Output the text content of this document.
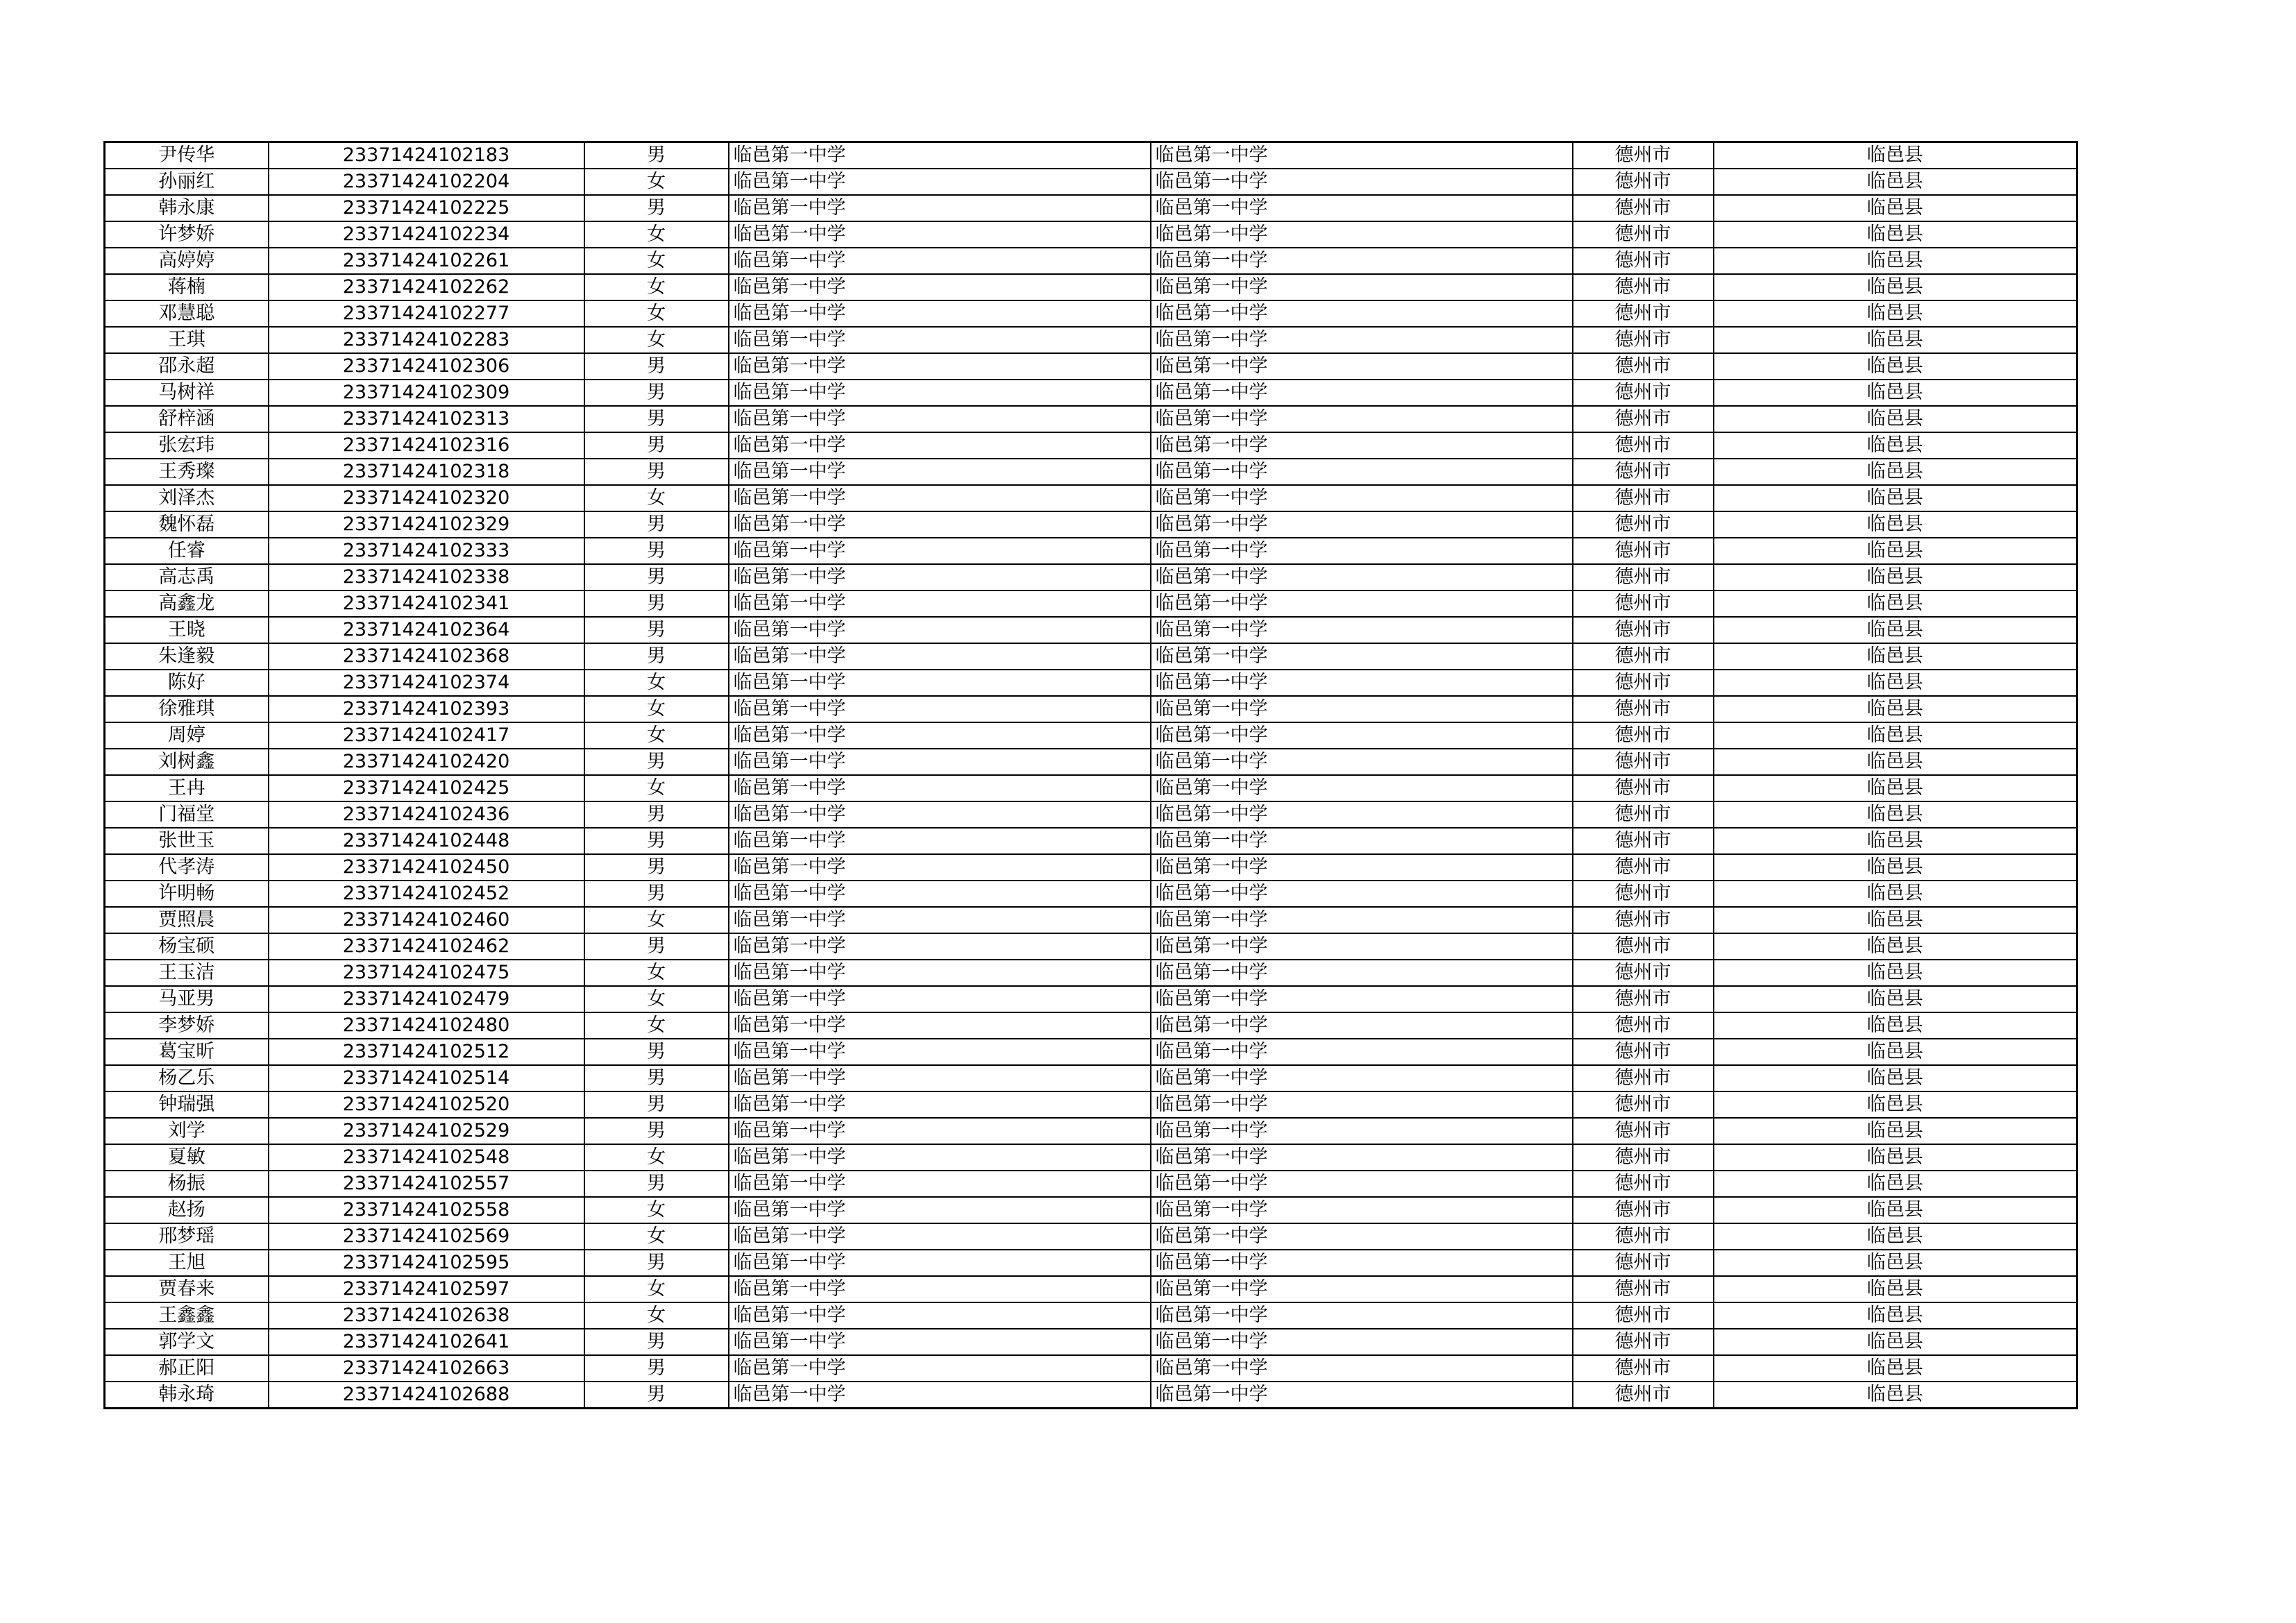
尹传华	23371424102183	男	临邑第一中学	临邑第一中学	德州市	临邑县
孙丽红	23371424102204	女	临邑第一中学	临邑第一中学	德州市	临邑县
韩永康	23371424102225	男	临邑第一中学	临邑第一中学	德州市	临邑县
许梦娇	23371424102234	女	临邑第一中学	临邑第一中学	德州市	临邑县
高婷婷	23371424102261	女	临邑第一中学	临邑第一中学	德州市	临邑县
蒋楠	23371424102262	女	临邑第一中学	临邑第一中学	德州市	临邑县
邓慧聪	23371424102277	女	临邑第一中学	临邑第一中学	德州市	临邑县
王琪	23371424102283	女	临邑第一中学	临邑第一中学	德州市	临邑县
邵永超	23371424102306	男	临邑第一中学	临邑第一中学	德州市	临邑县
马树祥	23371424102309	男	临邑第一中学	临邑第一中学	德州市	临邑县
舒梓涵	23371424102313	男	临邑第一中学	临邑第一中学	德州市	临邑县
张宏玮	23371424102316	男	临邑第一中学	临邑第一中学	德州市	临邑县
王秀璨	23371424102318	男	临邑第一中学	临邑第一中学	德州市	临邑县
刘泽杰	23371424102320	女	临邑第一中学	临邑第一中学	德州市	临邑县
魏怀磊	23371424102329	男	临邑第一中学	临邑第一中学	德州市	临邑县
任睿	23371424102333	男	临邑第一中学	临邑第一中学	德州市	临邑县
高志禹	23371424102338	男	临邑第一中学	临邑第一中学	德州市	临邑县
高鑫龙	23371424102341	男	临邑第一中学	临邑第一中学	德州市	临邑县
王晓	23371424102364	男	临邑第一中学	临邑第一中学	德州市	临邑县
朱逢毅	23371424102368	男	临邑第一中学	临邑第一中学	德州市	临邑县
陈好	23371424102374	女	临邑第一中学	临邑第一中学	德州市	临邑县
徐雅琪	23371424102393	女	临邑第一中学	临邑第一中学	德州市	临邑县
周婷	23371424102417	女	临邑第一中学	临邑第一中学	德州市	临邑县
刘树鑫	23371424102420	男	临邑第一中学	临邑第一中学	德州市	临邑县
王冉	23371424102425	女	临邑第一中学	临邑第一中学	德州市	临邑县
门福堂	23371424102436	男	临邑第一中学	临邑第一中学	德州市	临邑县
张世玉	23371424102448	男	临邑第一中学	临邑第一中学	德州市	临邑县
代孝涛	23371424102450	男	临邑第一中学	临邑第一中学	德州市	临邑县
许明畅	23371424102452	男	临邑第一中学	临邑第一中学	德州市	临邑县
贾照晨	23371424102460	女	临邑第一中学	临邑第一中学	德州市	临邑县
杨宝硕	23371424102462	男	临邑第一中学	临邑第一中学	德州市	临邑县
王玉洁	23371424102475	女	临邑第一中学	临邑第一中学	德州市	临邑县
马亚男	23371424102479	女	临邑第一中学	临邑第一中学	德州市	临邑县
李梦娇	23371424102480	女	临邑第一中学	临邑第一中学	德州市	临邑县
葛宝昕	23371424102512	男	临邑第一中学	临邑第一中学	德州市	临邑县
杨乙乐	23371424102514	男	临邑第一中学	临邑第一中学	德州市	临邑县
钟瑞强	23371424102520	男	临邑第一中学	临邑第一中学	德州市	临邑县
刘学	23371424102529	男	临邑第一中学	临邑第一中学	德州市	临邑县
夏敏	23371424102548	女	临邑第一中学	临邑第一中学	德州市	临邑县
杨振	23371424102557	男	临邑第一中学	临邑第一中学	德州市	临邑县
赵扬	23371424102558	女	临邑第一中学	临邑第一中学	德州市	临邑县
邢梦瑶	23371424102569	女	临邑第一中学	临邑第一中学	德州市	临邑县
王旭	23371424102595	男	临邑第一中学	临邑第一中学	德州市	临邑县
贾春来	23371424102597	女	临邑第一中学	临邑第一中学	德州市	临邑县
王鑫鑫	23371424102638	女	临邑第一中学	临邑第一中学	德州市	临邑县
郭学文	23371424102641	男	临邑第一中学	临邑第一中学	德州市	临邑县
郝正阳	23371424102663	男	临邑第一中学	临邑第一中学	德州市	临邑县
韩永琦	23371424102688	男	临邑第一中学	临邑第一中学	德州市	临邑县
